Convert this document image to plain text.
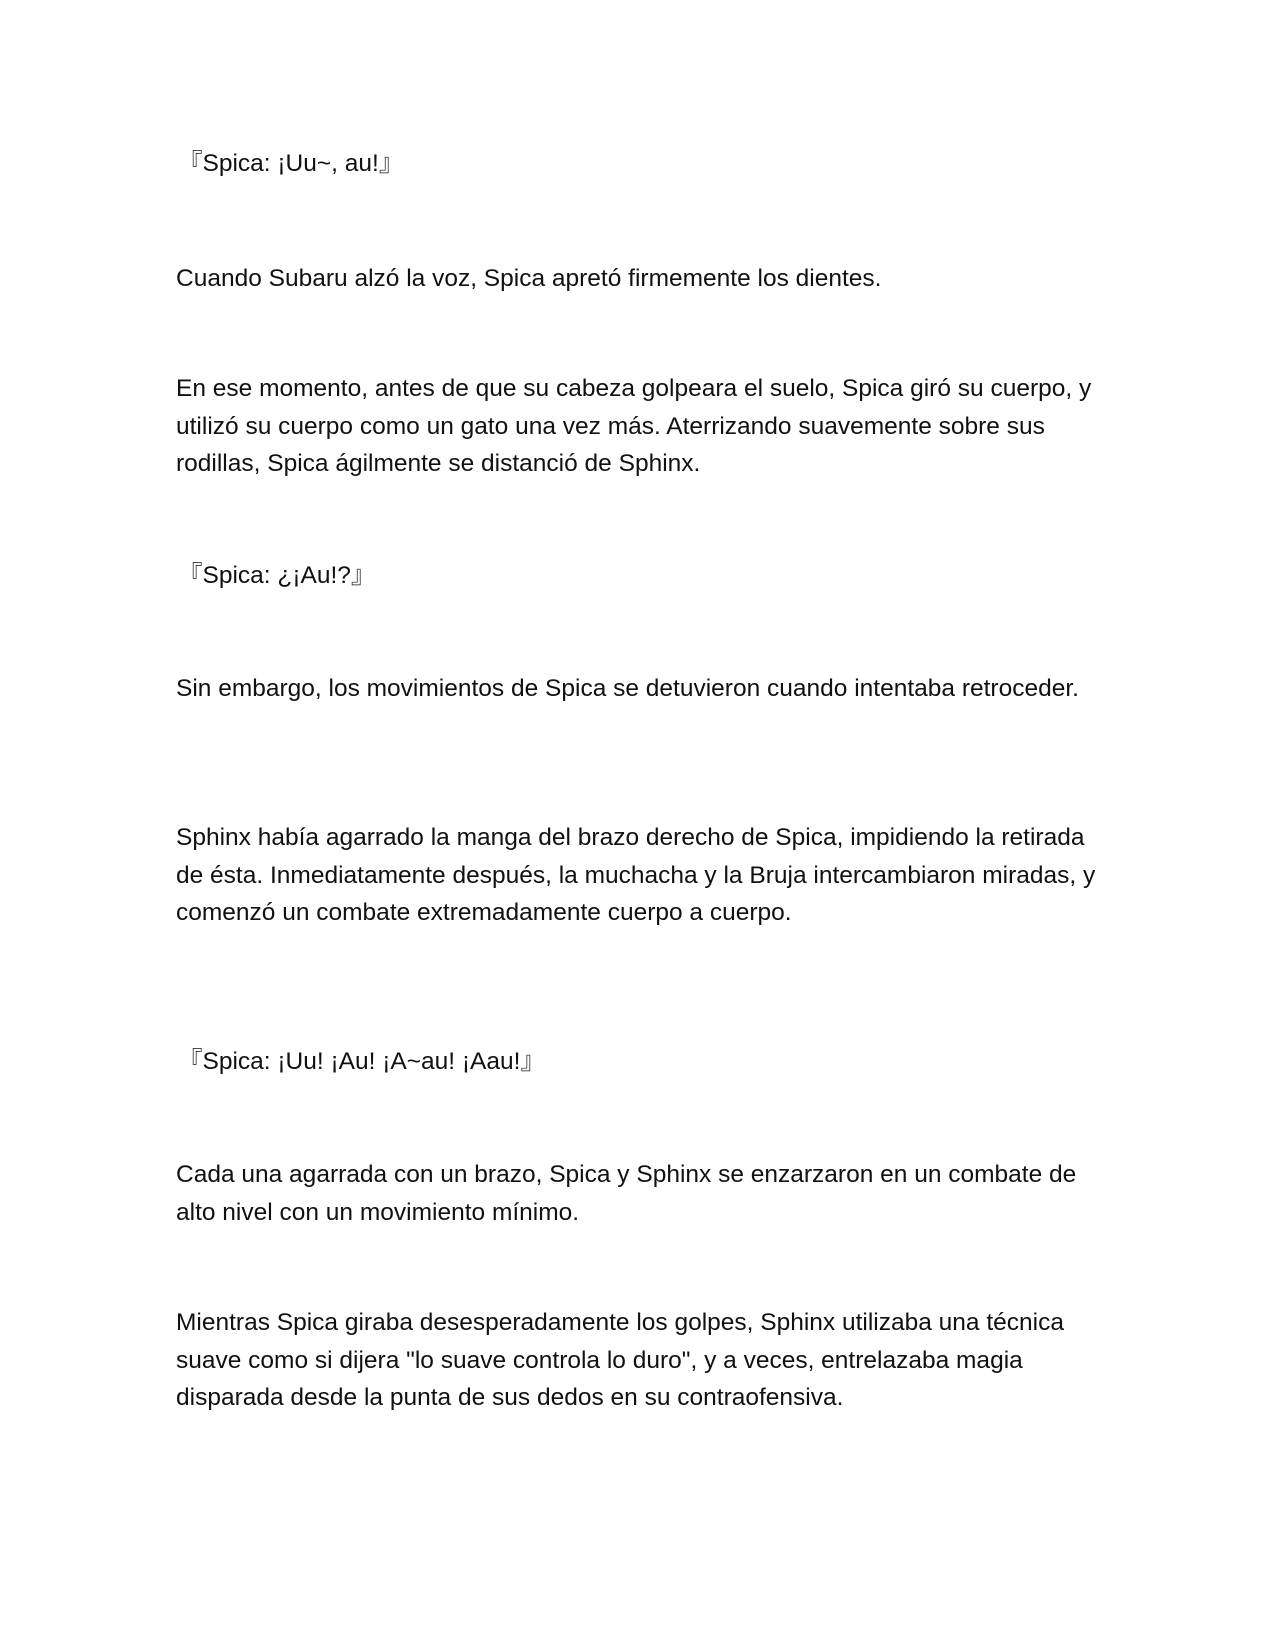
『Spica: ¡Uu~, au!』

Cuando Subaru alzó la voz, Spica apretó firmemente los dientes.

En ese momento, antes de que su cabeza golpeara el suelo, Spica giró su cuerpo, y utilizó su cuerpo como un gato una vez más. Aterrizando suavemente sobre sus rodillas, Spica ágilmente se distanció de Sphinx.

『Spica: ¿¡Au!?』

Sin embargo, los movimientos de Spica se detuvieron cuando intentaba retroceder.

Sphinx había agarrado la manga del brazo derecho de Spica, impidiendo la retirada de ésta. Inmediatamente después, la muchacha y la Bruja intercambiaron miradas, y comenzó un combate extremadamente cuerpo a cuerpo.

『Spica: ¡Uu! ¡Au! ¡A~au! ¡Aau!』

Cada una agarrada con un brazo, Spica y Sphinx se enzarzaron en un combate de alto nivel con un movimiento mínimo.

Mientras Spica giraba desesperadamente los golpes, Sphinx utilizaba una técnica suave como si dijera "lo suave controla lo duro", y a veces, entrelazaba magia disparada desde la punta de sus dedos en su contraofensiva.
